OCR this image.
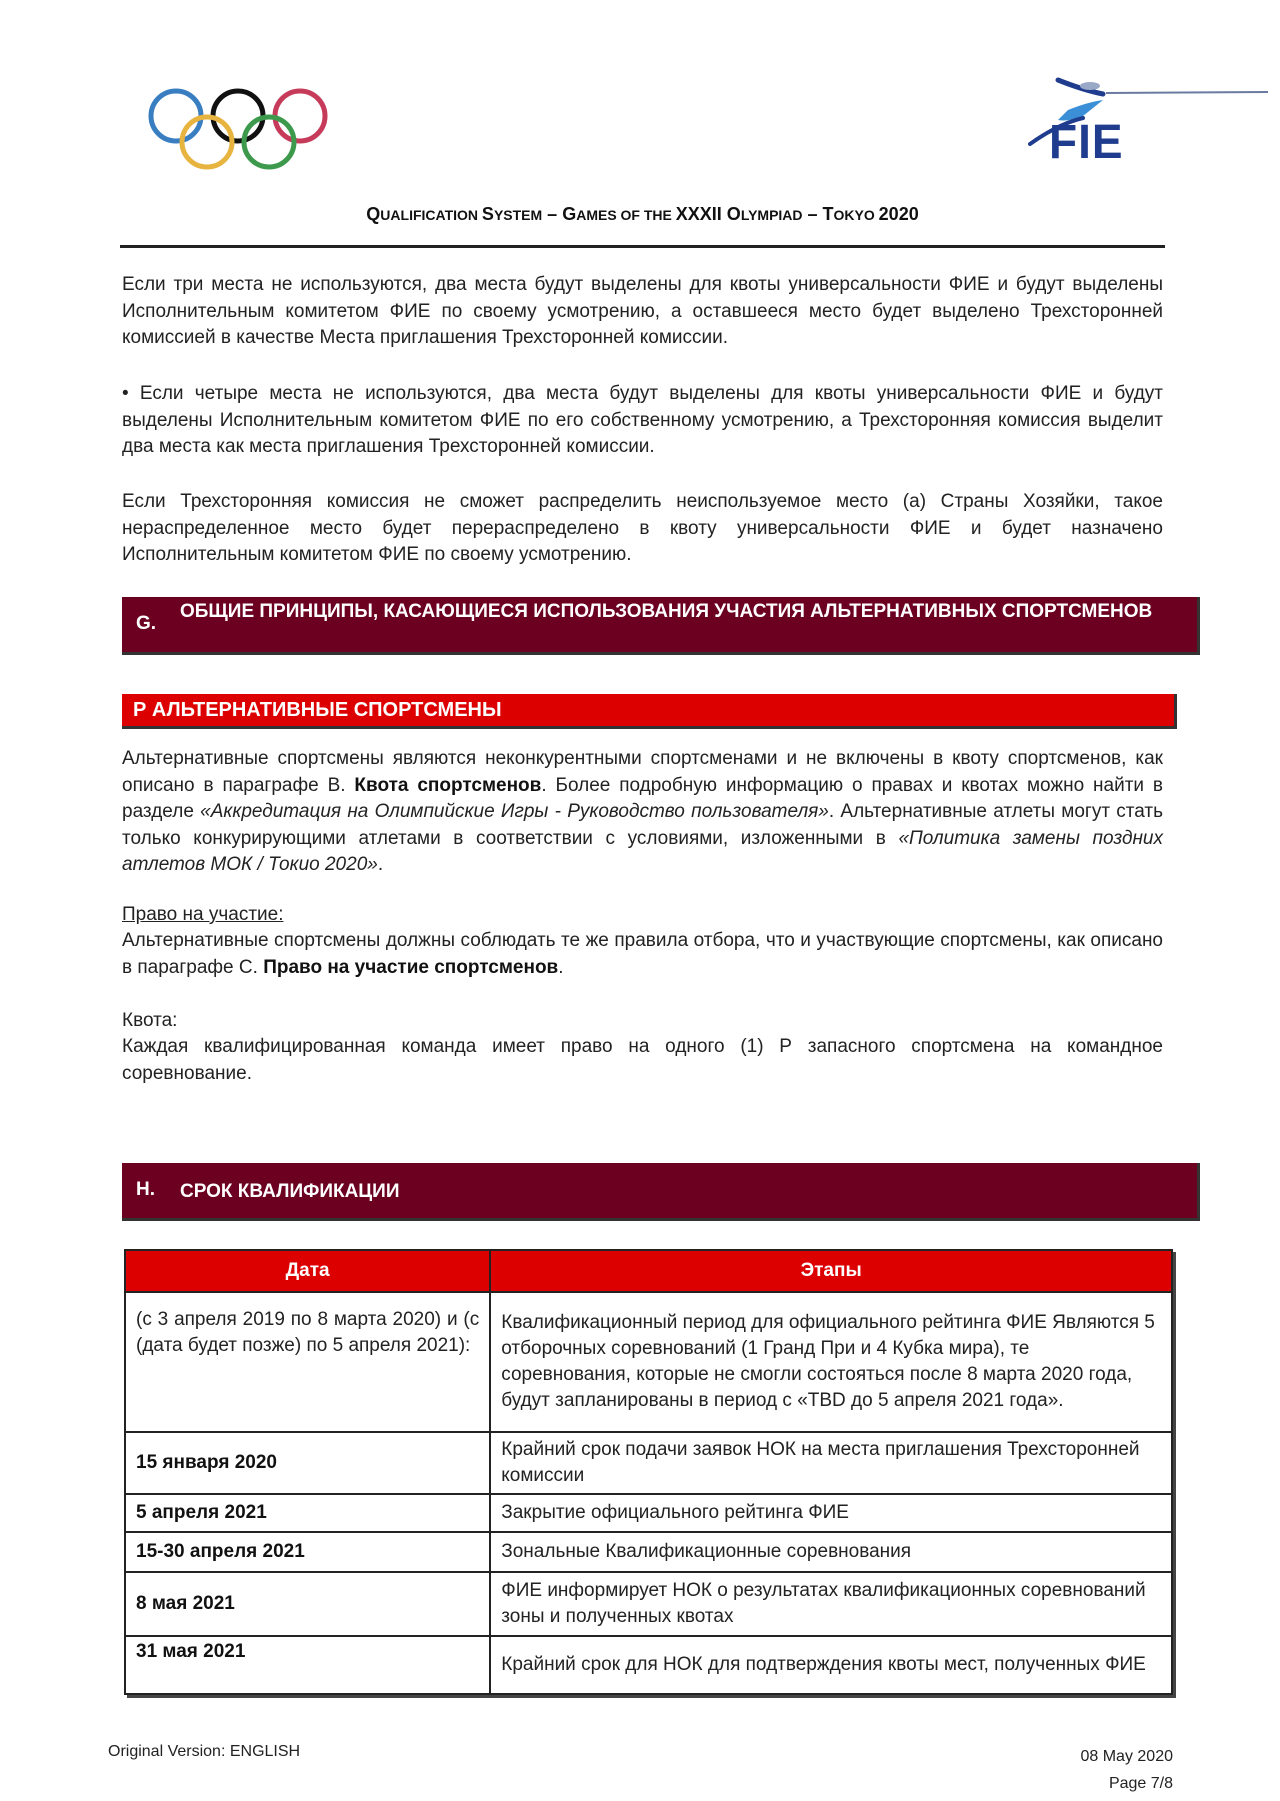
FIE
QUALIFICATION SYSTEM – GAMES OF THE XXXII OLYMPIAD – TOKYO 2020

Если три места не используются, два места будут выделены для квоты универсальности ФИЕ и будут выделены Исполнительным комитетом ФИЕ по своему усмотрению, а оставшееся место будет выделено Трехсторонней комиссией в качестве Места приглашения Трехсторонней комиссии.

• Если четыре места не используются, два места будут выделены для квоты универсальности ФИЕ и будут выделены Исполнительным комитетом ФИЕ по его собственному усмотрению, а Трехсторонняя комиссия выделит два места как места приглашения Трехсторонней комиссии.

Если Трехсторонняя комиссия не сможет распределить неиспользуемое место (а) Страны Хозяйки, такое нераспределенное место будет перераспределено в квоту универсальности ФИЕ и будет назначено Исполнительным комитетом ФИЕ по своему усмотрению.

G.
ОБЩИЕ ПРИНЦИПЫ, КАСАЮЩИЕСЯ ИСПОЛЬЗОВАНИЯ УЧАСТИЯ АЛЬТЕРНАТИВНЫХ СПОРТСМЕНОВ
Р АЛЬТЕРНАТИВНЫЕ СПОРТСМЕНЫ

Альтернативные спортсмены являются неконкурентными спортсменами и не включены в квоту спортсменов, как описано в параграфе B. Квота спортсменов. Более подробную информацию о правах и квотах можно найти в разделе «Аккредитация на Олимпийские Игры - Руководство пользователя». Альтернативные атлеты могут стать только конкурирующими атлетами в соответствии с условиями, изложенными в «Политика замены поздних атлетов МОК / Токио 2020».

Право на участие:

Альтернативные спортсмены должны соблюдать те же правила отбора, что и участвующие спортсмены, как описано в параграфе C. Право на участие спортсменов.

Квота:

Каждая квалифицированная команда имеет право на одного (1) Р запасного спортсмена на командное соревнование.

H. СРОК КВАЛИФИКАЦИИ
Дата	Этапы
(с 3 апреля 2019 по 8 марта 2020) и (с (дата будет позже) по 5 апреля 2021):	Квалификационный период для официального рейтинга ФИЕ Являются 5 отборочных соревнований (1 Гранд При и 4 Кубка мира), те соревнования, которые не смогли состояться после 8 марта 2020 года, будут запланированы в период с «TBD до 5 апреля 2021 года».
15 января 2020	Крайний срок подачи заявок НОК на места приглашения Трехсторонней комиссии
5 апреля 2021	Закрытие официального рейтинга ФИЕ
15-30 апреля 2021	Зональные Квалификационные соревнования
8 мая 2021	ФИЕ информирует НОК о результатах квалификационных соревнований зоны и полученных квотах
31 мая 2021	Крайний срок для НОК для подтверждения квоты мест, полученных ФИЕ
Original Version: ENGLISH	08 May 2020
Page 7/8
